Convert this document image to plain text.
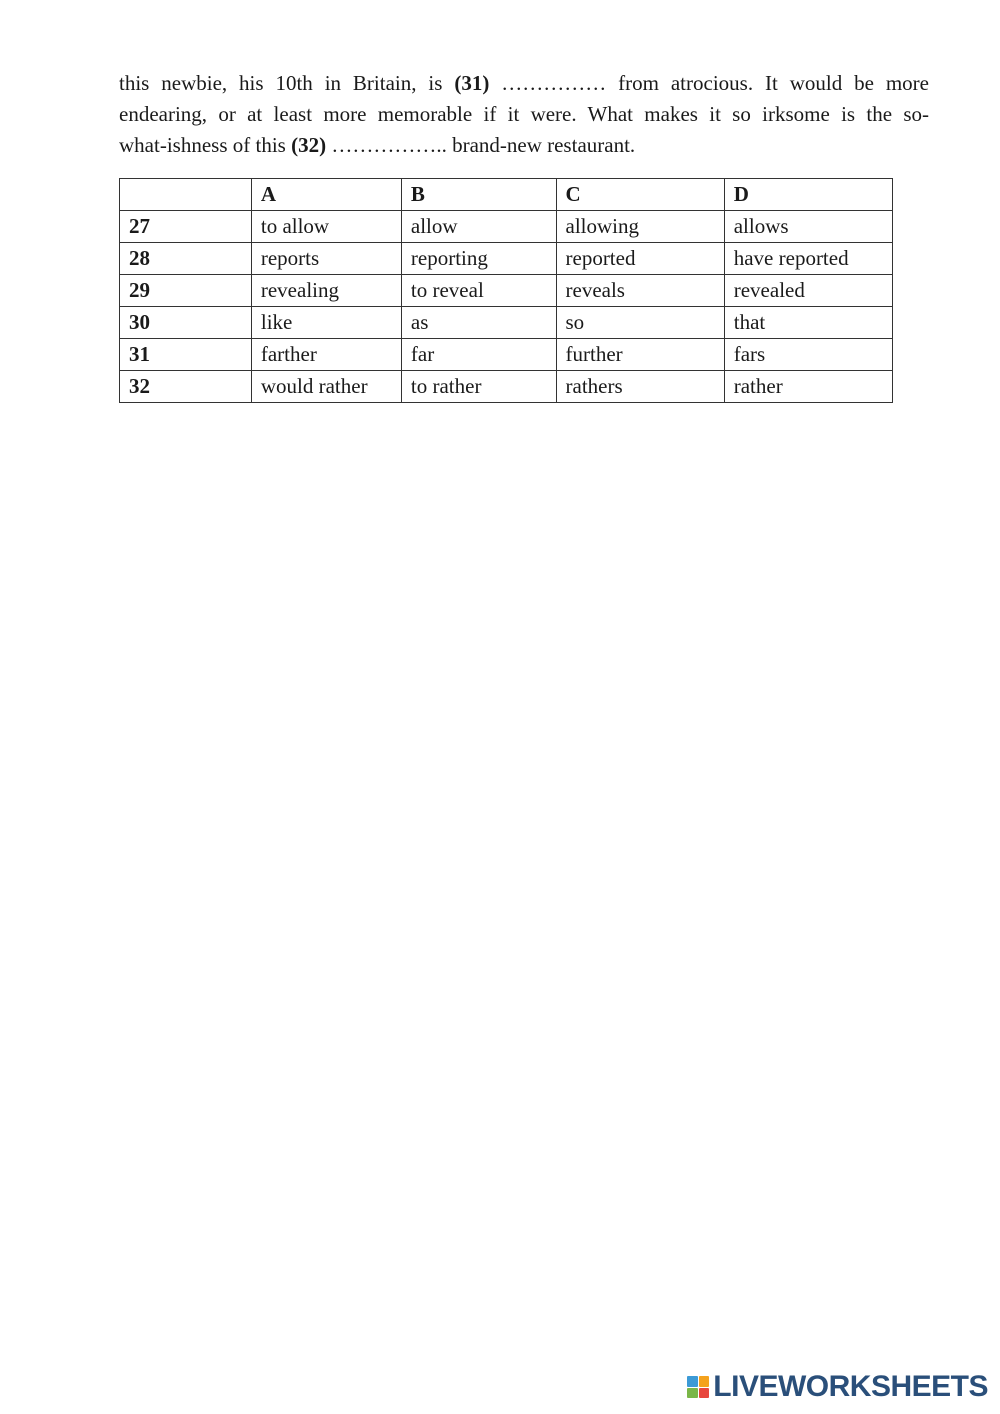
this newbie, his 10th in Britain, is (31) …………… from atrocious. It would be more
endearing, or at least more memorable if it were. What makes it so irksome is the so-
what-ishness of this (32) …………….. brand-new restaurant.
	A	B	C	D
27	to allow	allow	allowing	allows
28	reports	reporting	reported	have reported
29	revealing	to reveal	reveals	revealed
30	like	as	so	that
31	farther	far	further	fars
32	would rather	to rather	rathers	rather
LIVEWORKSHEETS
